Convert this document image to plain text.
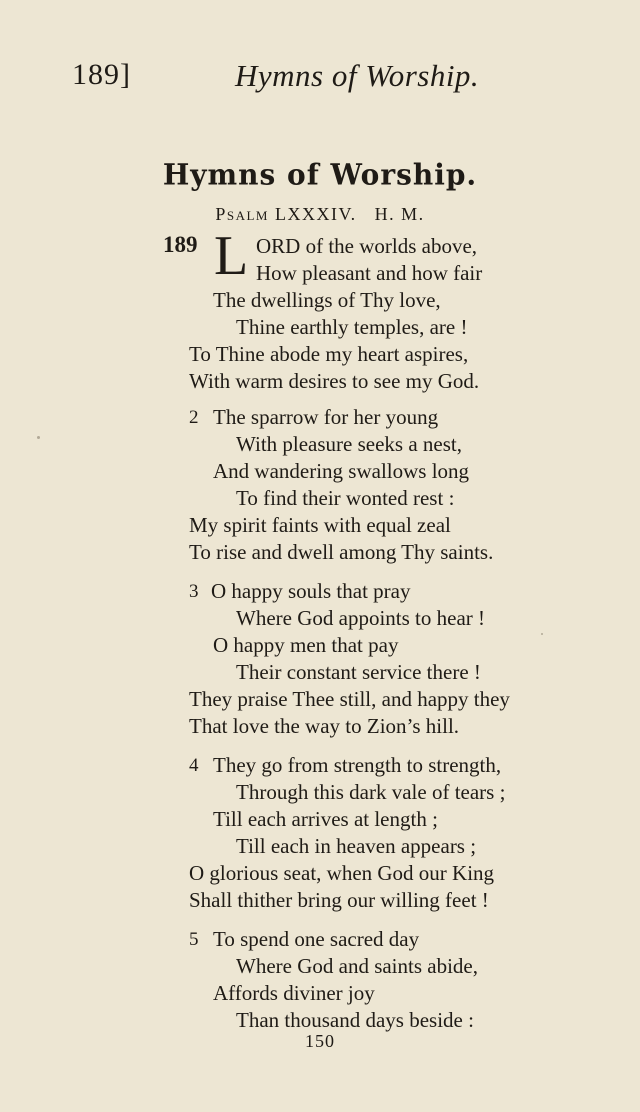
189]	Hymns of Worship.
Hymns of Worship.
Psalm LXXXIV. H. M.
189 L ORD of the worlds above,
How pleasant and how fair
The dwellings of Thy love,
Thine earthly temples, are !
To Thine abode my heart aspires,
With warm desires to see my God.
2 The sparrow for her young
With pleasure seeks a nest,
And wandering swallows long
To find their wonted rest :
My spirit faints with equal zeal
To rise and dwell among Thy saints.
3 O happy souls that pray
Where God appoints to hear !
O happy men that pay
Their constant service there !
They praise Thee still, and happy they
That love the way to Zion’s hill.
4 They go from strength to strength,
Through this dark vale of tears ;
Till each arrives at length ;
Till each in heaven appears ;
O glorious seat, when God our King
Shall thither bring our willing feet !
5 To spend one sacred day
Where God and saints abide,
Affords diviner joy
Than thousand days beside :
150
